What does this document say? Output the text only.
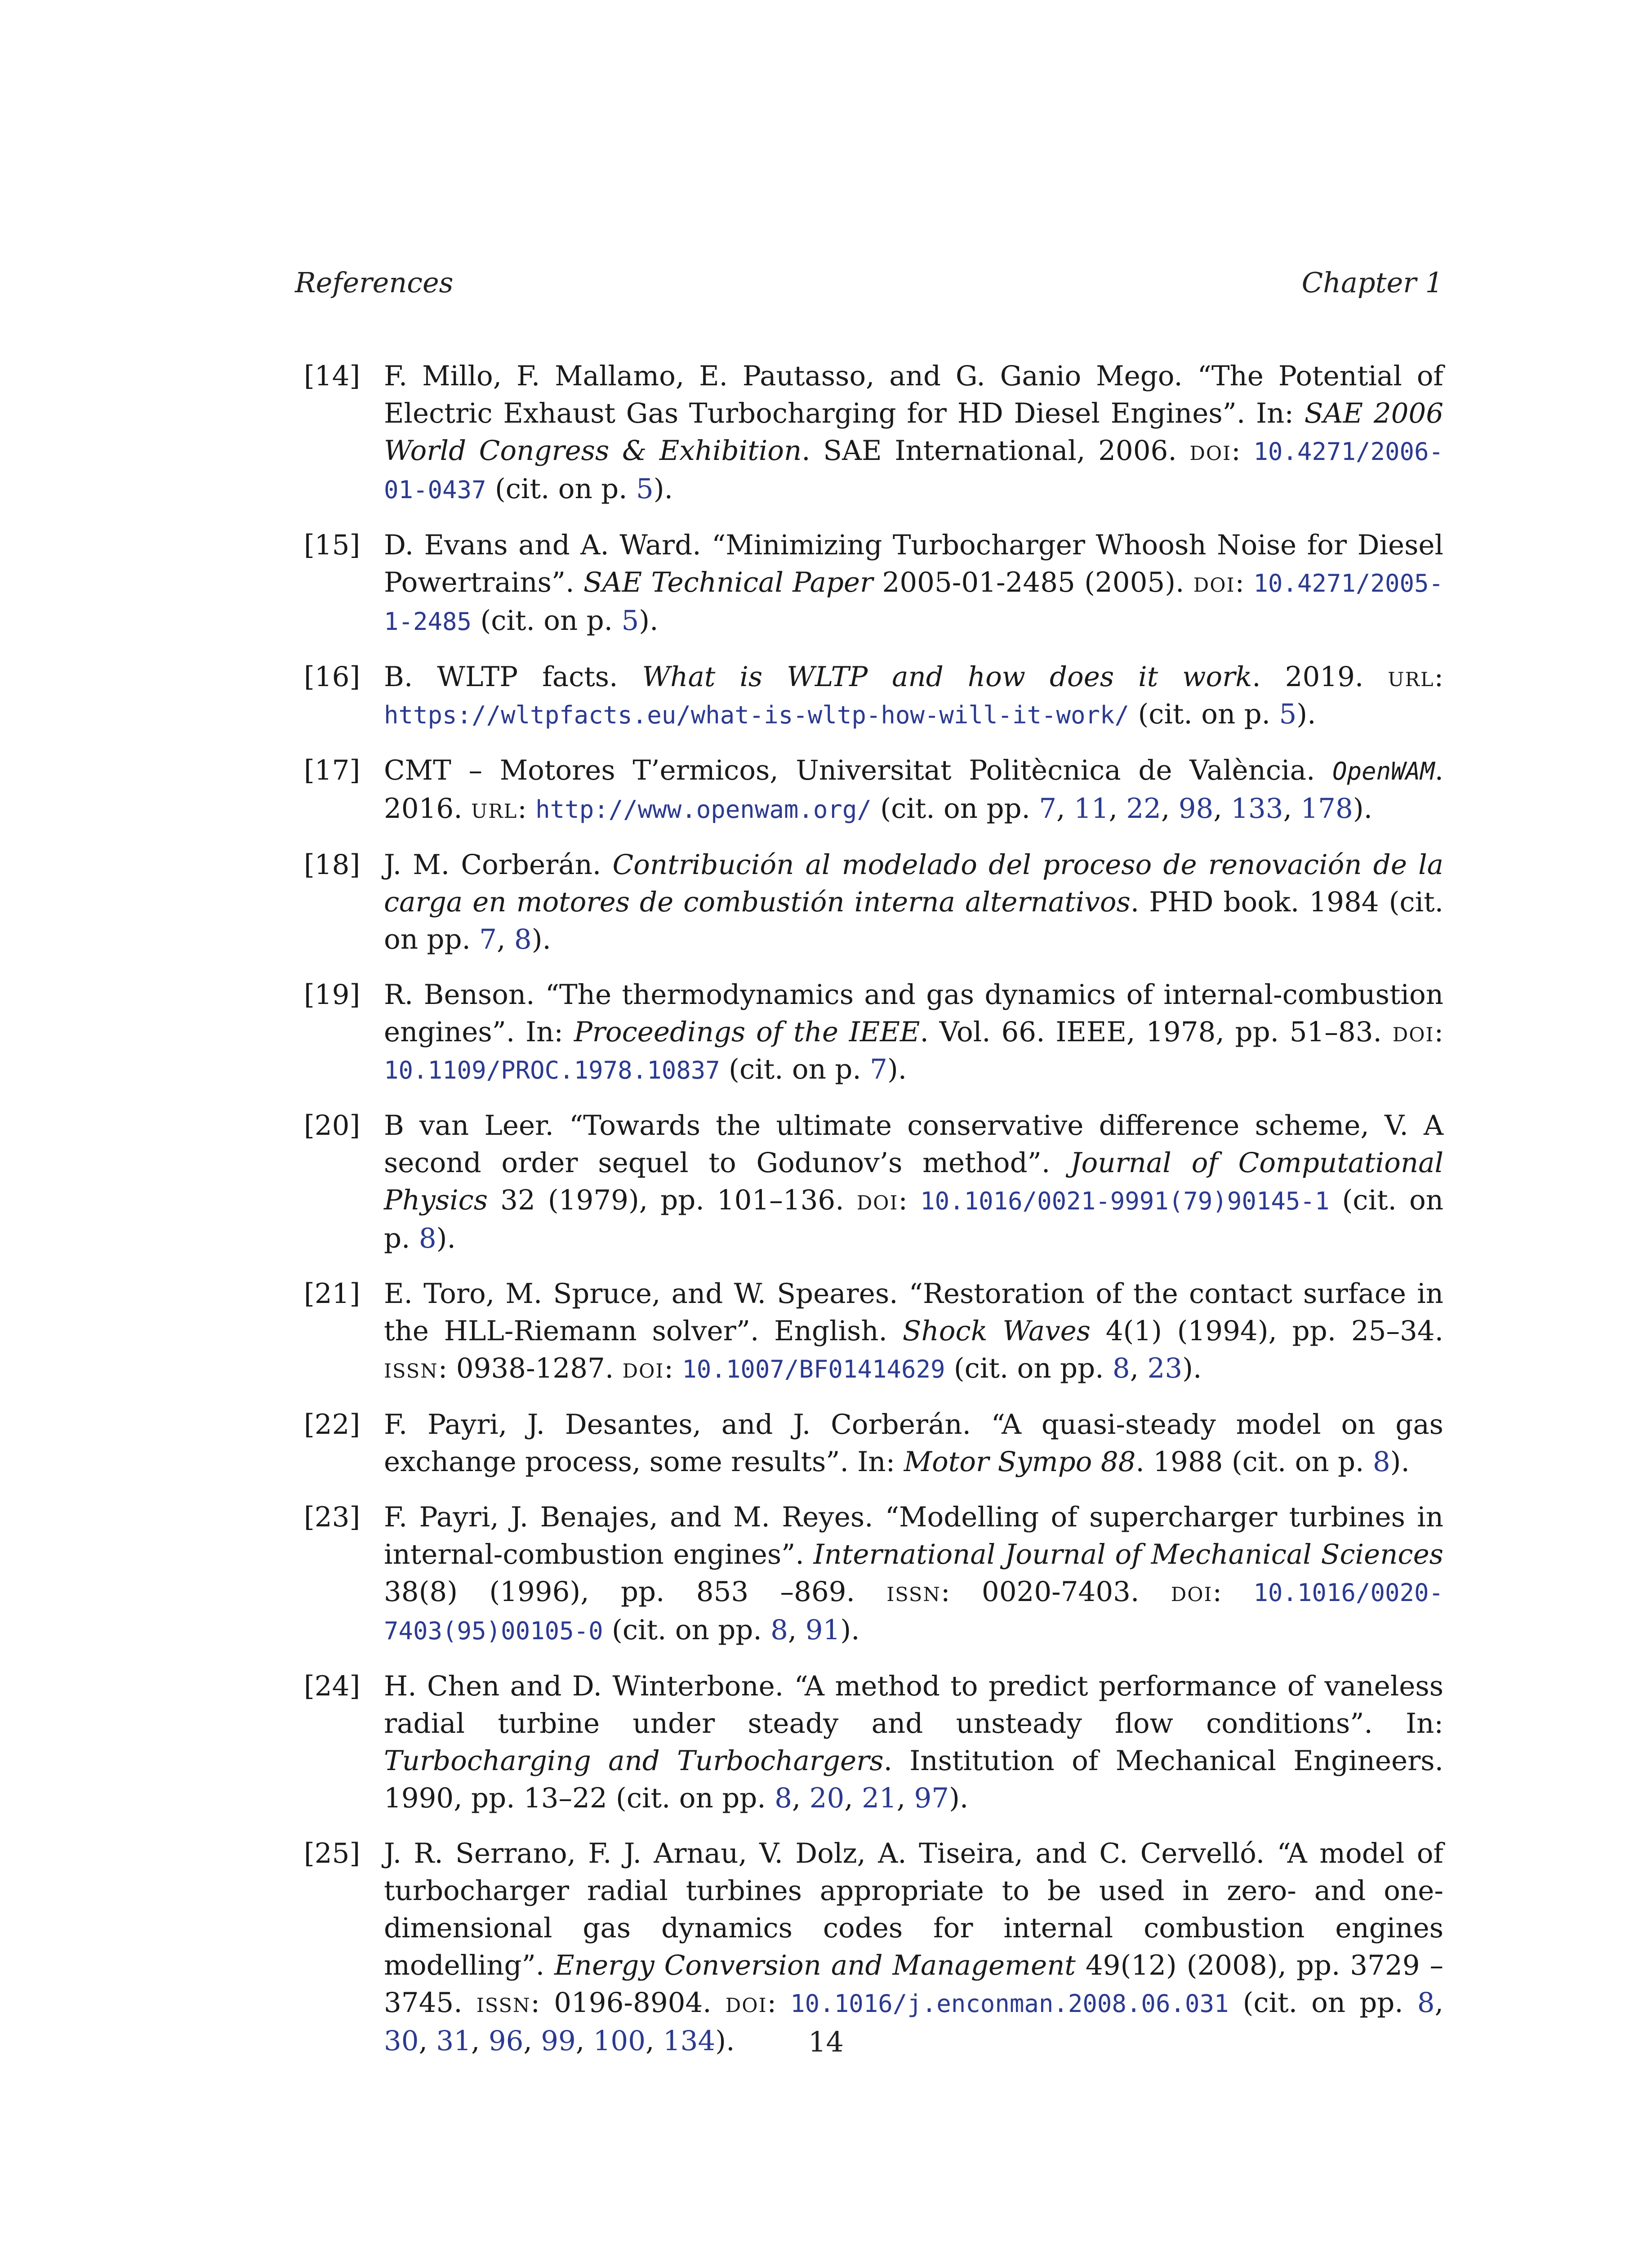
References	Chapter 1
[14] F. Millo, F. Mallamo, E. Pautasso, and G. Ganio Mego. “The Potential of Electric Exhaust Gas Turbocharging for HD Diesel Engines”. In: SAE 2006 World Congress & Exhibition. SAE International, 2006. doi: 10.4271/2006-01-0437 (cit. on p. 5).
[15] D. Evans and A. Ward. “Minimizing Turbocharger Whoosh Noise for Diesel Powertrains”. SAE Technical Paper 2005-01-2485 (2005). doi: 10.4271/2005-1-2485 (cit. on p. 5).
[16] B. WLTP facts. What is WLTP and how does it work. 2019. url: https://wltpfacts.eu/what-is-wltp-how-will-it-work/ (cit. on p. 5).
[17] CMT – Motores T’ermicos, Universitat Politècnica de València. OpenWAM. 2016. url: http://www.openwam.org/ (cit. on pp. 7, 11, 22, 98, 133, 178).
[18] J. M. Corberán. Contribución al modelado del proceso de renovación de la carga en motores de combustión interna alternativos. PHD book. 1984 (cit. on pp. 7, 8).
[19] R. Benson. “The thermodynamics and gas dynamics of internal-combustion engines”. In: Proceedings of the IEEE. Vol. 66. IEEE, 1978, pp. 51–83. doi: 10.1109/PROC.1978.10837 (cit. on p. 7).
[20] B van Leer. “Towards the ultimate conservative difference scheme, V. A second order sequel to Godunov’s method”. Journal of Computational Physics 32 (1979), pp. 101–136. doi: 10.1016/0021-9991(79)90145-1 (cit. on p. 8).
[21] E. Toro, M. Spruce, and W. Speares. “Restoration of the contact surface in the HLL-Riemann solver”. English. Shock Waves 4(1) (1994), pp. 25–34. issn: 0938-1287. doi: 10.1007/BF01414629 (cit. on pp. 8, 23).
[22] F. Payri, J. Desantes, and J. Corberán. “A quasi-steady model on gas exchange process, some results”. In: Motor Sympo 88. 1988 (cit. on p. 8).
[23] F. Payri, J. Benajes, and M. Reyes. “Modelling of supercharger turbines in internal-combustion engines”. International Journal of Mechanical Sciences 38(8) (1996), pp. 853 –869. issn: 0020-7403. doi: 10.1016/0020-7403(95)00105-0 (cit. on pp. 8, 91).
[24] H. Chen and D. Winterbone. “A method to predict performance of vaneless radial turbine under steady and unsteady flow conditions”. In: Turbocharging and Turbochargers. Institution of Mechanical Engineers. 1990, pp. 13–22 (cit. on pp. 8, 20, 21, 97).
[25] J. R. Serrano, F. J. Arnau, V. Dolz, A. Tiseira, and C. Cervelló. “A model of turbocharger radial turbines appropriate to be used in zero- and one-dimensional gas dynamics codes for internal combustion engines modelling”. Energy Conversion and Management 49(12) (2008), pp. 3729 –3745. issn: 0196-8904. doi: 10.1016/j.enconman.2008.06.031 (cit. on pp. 8, 30, 31, 96, 99, 100, 134).	14
